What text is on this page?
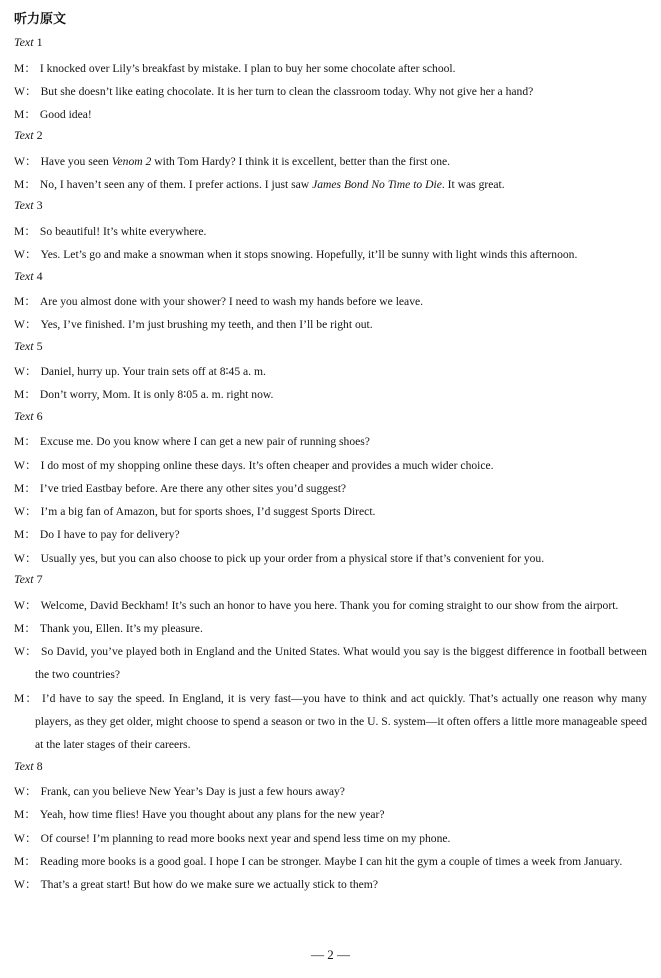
听力原文
Text 1

M： I knocked over Lily’s breakfast by mistake. I plan to buy her some chocolate after school.

W： But she doesn’t like eating chocolate. It is her turn to clean the classroom today. Why not give her a hand?

M： Good idea!

Text 2

W： Have you seen Venom 2 with Tom Hardy? I think it is excellent, better than the first one.

M： No, I haven’t seen any of them. I prefer actions. I just saw James Bond No Time to Die. It was great.

Text 3

M： So beautiful! It’s white everywhere.

W： Yes. Let’s go and make a snowman when it stops snowing. Hopefully, it’ll be sunny with light winds this afternoon.

Text 4

M： Are you almost done with your shower? I need to wash my hands before we leave.

W： Yes, I’ve finished. I’m just brushing my teeth, and then I’ll be right out.

Text 5

W： Daniel, hurry up. Your train sets off at 8∶45 a. m.

M： Don’t worry, Mom. It is only 8∶05 a. m. right now.

Text 6

M： Excuse me. Do you know where I can get a new pair of running shoes?

W： I do most of my shopping online these days. It’s often cheaper and provides a much wider choice.

M： I’ve tried Eastbay before. Are there any other sites you’d suggest?

W： I’m a big fan of Amazon, but for sports shoes, I’d suggest Sports Direct.

M： Do I have to pay for delivery?

W： Usually yes, but you can also choose to pick up your order from a physical store if that’s convenient for you.

Text 7

W： Welcome, David Beckham! It’s such an honor to have you here. Thank you for coming straight to our show from the airport.

M： Thank you, Ellen. It’s my pleasure.

W： So David, you’ve played both in England and the United States. What would you say is the biggest difference in football between the two countries?

M： I’d have to say the speed. In England, it is very fast—you have to think and act quickly. That’s actually one reason why many players, as they get older, might choose to spend a season or two in the U. S. system—it often offers a little more manageable speed at the later stages of their careers.

Text 8

W： Frank, can you believe New Year’s Day is just a few hours away?

M： Yeah, how time flies! Have you thought about any plans for the new year?

W： Of course! I’m planning to read more books next year and spend less time on my phone.

M： Reading more books is a good goal. I hope I can be stronger. Maybe I can hit the gym a couple of times a week from January.

W： That’s a great start! But how do we make sure we actually stick to them?

— 2 —
